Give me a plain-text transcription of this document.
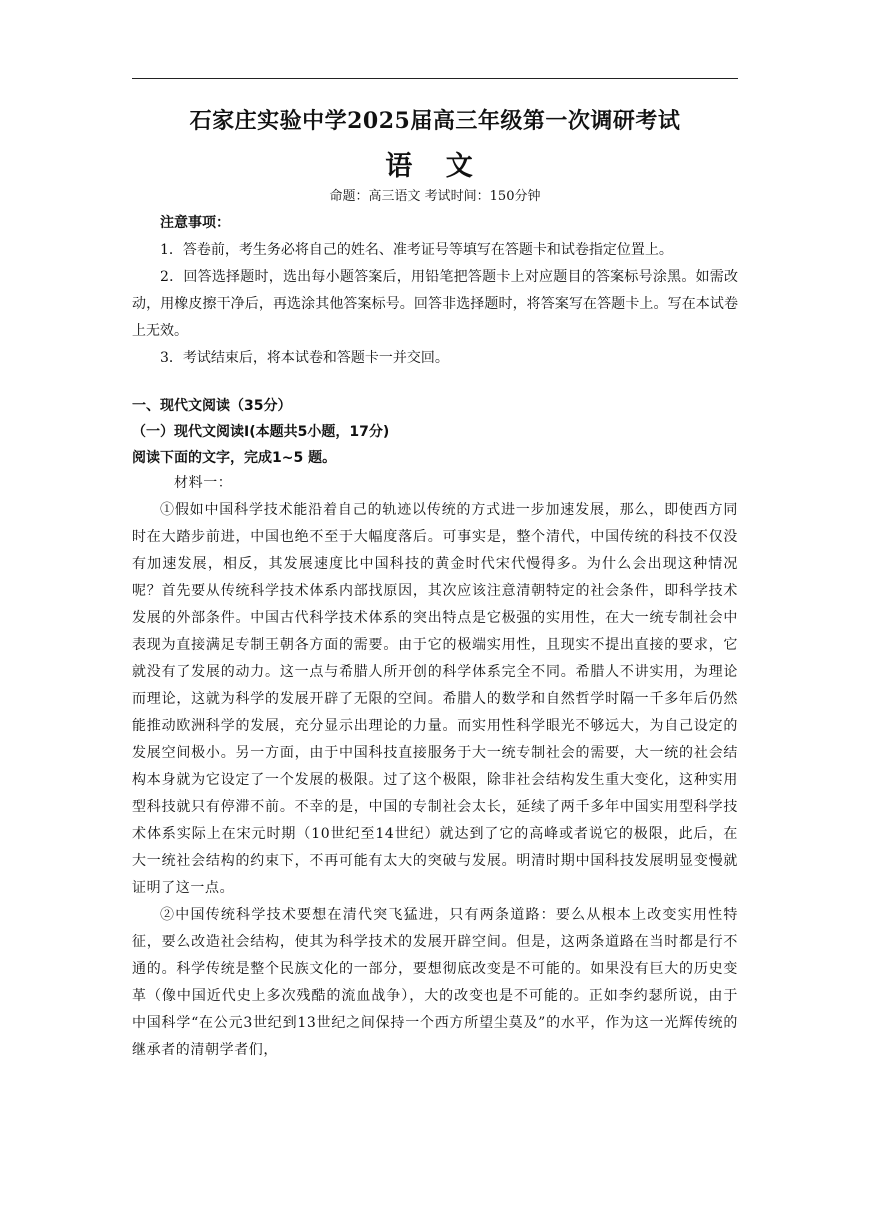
石家庄实验中学2025届高三年级第一次调研考试
语 文
命题：高三语文 考试时间：150分钟

注意事项：

1．答卷前，考生务必将自己的姓名、准考证号等填写在答题卡和试卷指定位置上。

2．回答选择题时，选出每小题答案后，用铅笔把答题卡上对应题目的答案标号涂黑。如需改动，用橡皮擦干净后，再选涂其他答案标号。回答非选择题时，将答案写在答题卡上。写在本试卷上无效。

3．考试结束后，将本试卷和答题卡一并交回。

一、现代文阅读（35分）
（一）现代文阅读I(本题共5小题，17分)
阅读下面的文字，完成1~5 题。

材料一：

①假如中国科学技术能沿着自己的轨迹以传统的方式进一步加速发展，那么，即使西方同时在大踏步前进，中国也绝不至于大幅度落后。可事实是，整个清代，中国传统的科技不仅没有加速发展，相反，其发展速度比中国科技的黄金时代宋代慢得多。为什么会出现这种情况呢？首先要从传统科学技术体系内部找原因，其次应该注意清朝特定的社会条件，即科学技术发展的外部条件。中国古代科学技术体系的突出特点是它极强的实用性，在大一统专制社会中表现为直接满足专制王朝各方面的需要。由于它的极端实用性，且现实不提出直接的要求，它就没有了发展的动力。这一点与希腊人所开创的科学体系完全不同。希腊人不讲实用，为理论而理论，这就为科学的发展开辟了无限的空间。希腊人的数学和自然哲学时隔一千多年后仍然能推动欧洲科学的发展，充分显示出理论的力量。而实用性科学眼光不够远大，为自己设定的发展空间极小。另一方面，由于中国科技直接服务于大一统专制社会的需要，大一统的社会结构本身就为它设定了一个发展的极限。过了这个极限，除非社会结构发生重大变化，这种实用型科技就只有停滞不前。不幸的是，中国的专制社会太长，延续了两千多年中国实用型科学技术体系实际上在宋元时期（10世纪至14世纪）就达到了它的高峰或者说它的极限，此后，在大一统社会结构的约束下，不再可能有太大的突破与发展。明清时期中国科技发展明显变慢就证明了这一点。

②中国传统科学技术要想在清代突飞猛进，只有两条道路：要么从根本上改变实用性特征，要么改造社会结构，使其为科学技术的发展开辟空间。但是，这两条道路在当时都是行不通的。科学传统是整个民族文化的一部分，要想彻底改变是不可能的。如果没有巨大的历史变革（像中国近代史上多次残酷的流血战争），大的改变也是不可能的。正如李约瑟所说，由于中国科学“在公元3世纪到13世纪之间保持一个西方所望尘莫及”的水平，作为这一光辉传统的继承者的清朝学者们，
